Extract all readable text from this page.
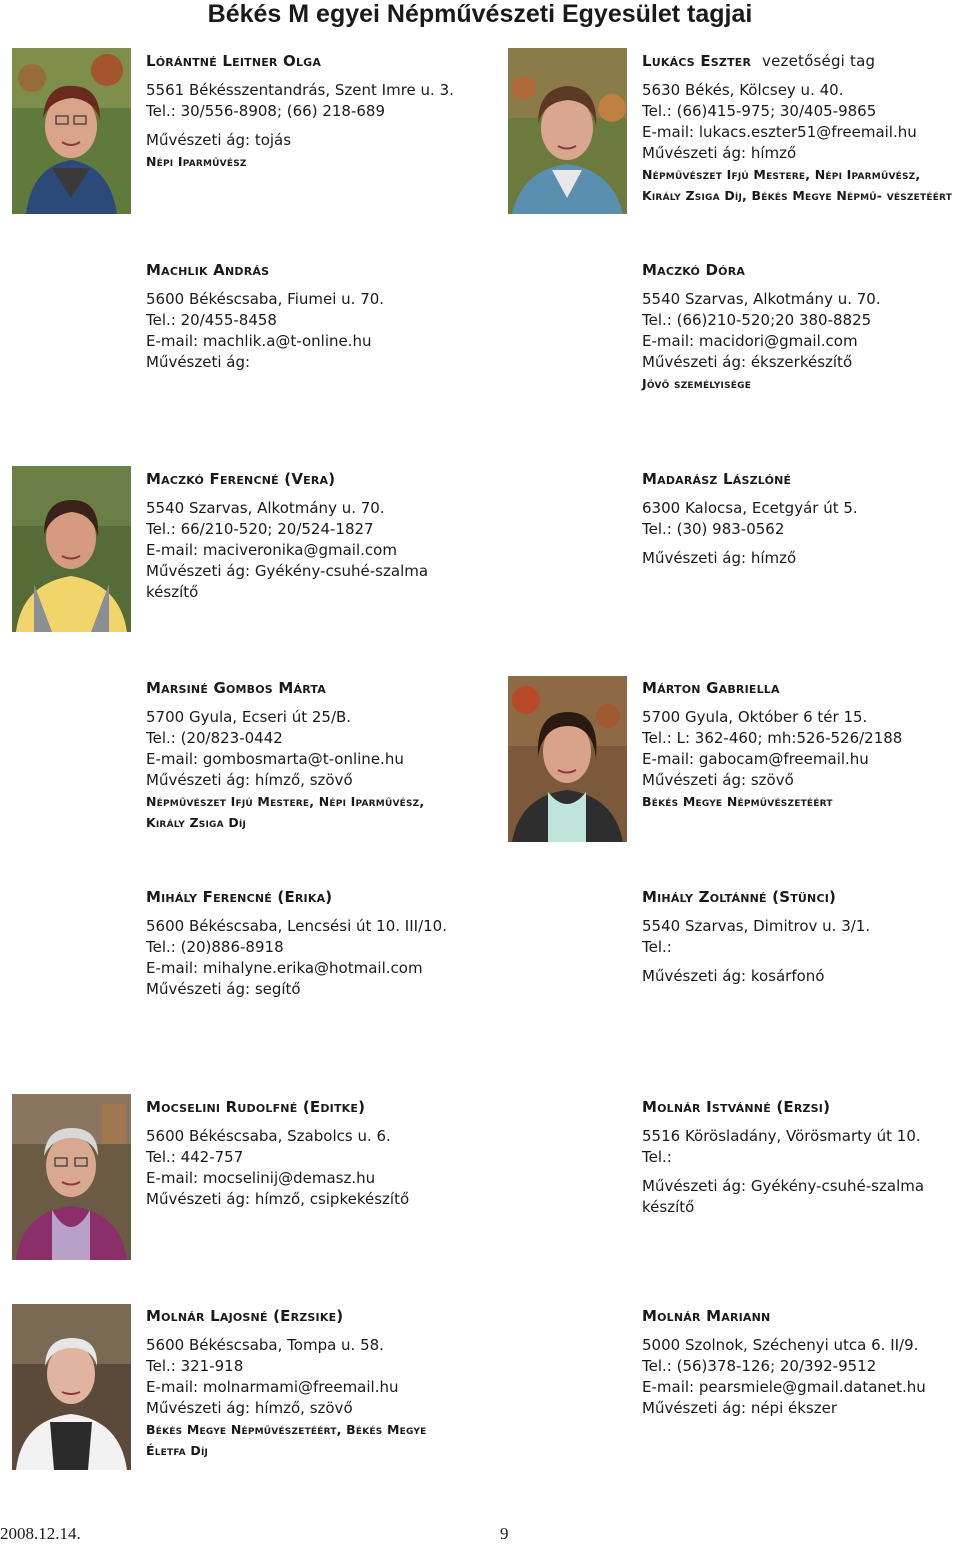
Békés M egyei Népművészeti Egyesület tagjai
Lórántné Leitner Olga
5561 Békésszentandrás, Szent Imre u. 3.
Tel.: 30/556-8908; (66) 218-689
Művészeti ág: tojás
Népi Iparművész
Lukács Eszter vezetőségi tag
5630 Békés, Kölcsey u. 40.
Tel.: (66)415-975; 30/405-9865
E-mail: lukacs.eszter51@freemail.hu
Művészeti ág: hímző
Népművészet Ifjú Mestere, Népi Iparművész, Király Zsiga Díj, Békés Megye Népmű- vészetéért
Machlik András
5600 Békéscsaba, Fiumei u. 70.
Tel.: 20/455-8458
E-mail: machlik.a@t-online.hu
Művészeti ág:
Maczkó Dóra
5540 Szarvas, Alkotmány u. 70.
Tel.: (66)210-520;20 380-8825
E-mail: macidori@gmail.com
Művészeti ág: ékszerkészítő
Jövő személyisége
Maczkó Ferencné (Vera)
5540 Szarvas, Alkotmány u. 70.
Tel.: 66/210-520; 20/524-1827
E-mail: maciveronika@gmail.com
Művészeti ág: Gyékény-csuhé-szalma készítő
Madarász Lászlóné
6300 Kalocsa, Ecetgyár út 5.
Tel.: (30) 983-0562
Művészeti ág: hímző
Marsiné Gombos Márta
5700 Gyula, Ecseri út 25/B.
Tel.: (20/823-0442
E-mail: gombosmarta@t-online.hu
Művészeti ág: hímző, szövő
Népművészet Ifjú Mestere, Népi Iparművész, Király Zsiga Díj
Márton Gabriella
5700 Gyula, Október 6 tér 15.
Tel.: L: 362-460; mh:526-526/2188
E-mail: gabocam@freemail.hu
Művészeti ág: szövő
Békés Megye Népművészetéért
Mihály Ferencné (Erika)
5600 Békéscsaba, Lencsési út 10. III/10.
Tel.: (20)886-8918
E-mail: mihalyne.erika@hotmail.com
Művészeti ág: segítő
Mihály Zoltánné (Stünci)
5540 Szarvas, Dimitrov u. 3/1.
Tel.:
Művészeti ág: kosárfonó
Mocselini Rudolfné (Editke)
5600 Békéscsaba, Szabolcs u. 6.
Tel.: 442-757
E-mail: mocselinij@demasz.hu
Művészeti ág: hímző, csipkekészítő
Molnár Istvánné (Erzsi)
5516 Körösladány, Vörösmarty út 10.
Tel.:
Művészeti ág: Gyékény-csuhé-szalma készítő
Molnár Lajosné (Erzsike)
5600 Békéscsaba, Tompa u. 58.
Tel.: 321-918
E-mail: molnarmami@freemail.hu
Művészeti ág: hímző, szövő
Békés Megye Népművészetéért, Békés Megye Életfa Díj
Molnár Mariann
5000 Szolnok, Széchenyi utca 6. II/9.
Tel.: (56)378-126; 20/392-9512
E-mail: pearsmiele@gmail.datanet.hu
Művészeti ág: népi ékszer
2008.12.14.	9
